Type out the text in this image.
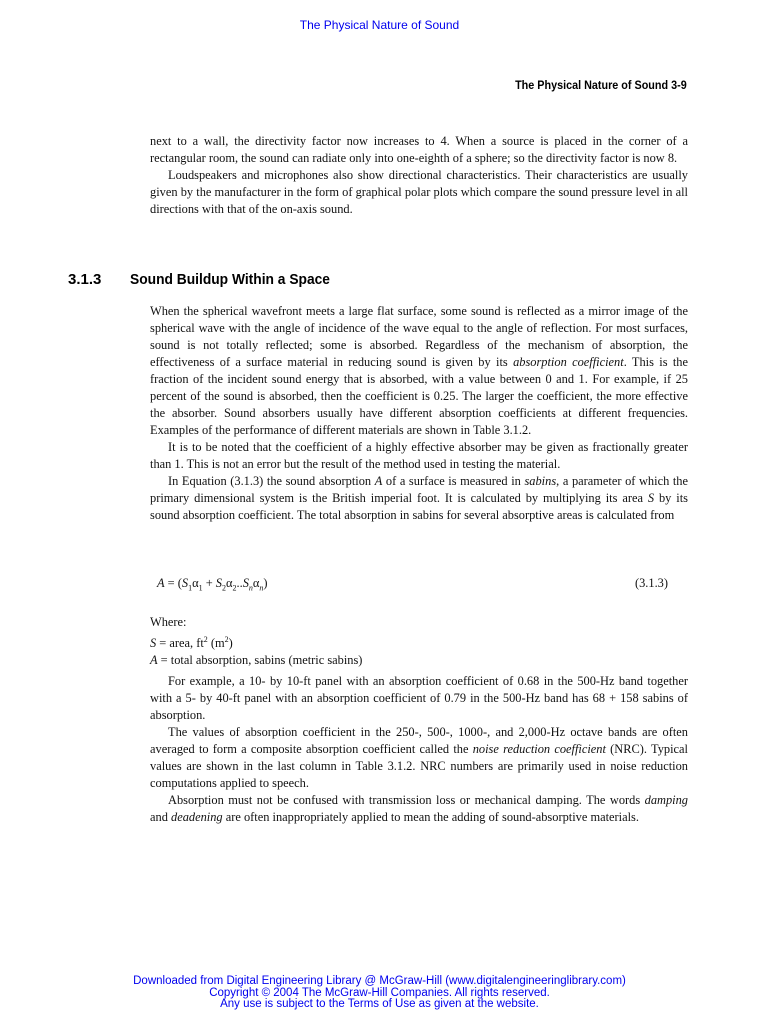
The Physical Nature of Sound
The Physical Nature of Sound 3-9

next to a wall, the directivity factor now increases to 4. When a source is placed in the corner of a rectangular room, the sound can radiate only into one-eighth of a sphere; so the directivity factor is now 8.

Loudspeakers and microphones also show directional characteristics. Their characteristics are usually given by the manufacturer in the form of graphical polar plots which compare the sound pressure level in all directions with that of the on-axis sound.

3.1.3 Sound Buildup Within a Space

When the spherical wavefront meets a large flat surface, some sound is reflected as a mirror image of the spherical wave with the angle of incidence of the wave equal to the angle of reflection. For most surfaces, sound is not totally reflected; some is absorbed. Regardless of the mechanism of absorption, the effectiveness of a surface material in reducing sound is given by its absorption coefficient. This is the fraction of the incident sound energy that is absorbed, with a value between 0 and 1. For example, if 25 percent of the sound is absorbed, then the coefficient is 0.25. The larger the coefficient, the more effective the absorber. Sound absorbers usually have different absorption coefficients at different frequencies. Examples of the performance of different materials are shown in Table 3.1.2.

It is to be noted that the coefficient of a highly effective absorber may be given as fractionally greater than 1. This is not an error but the result of the method used in testing the material.

In Equation (3.1.3) the sound absorption A of a surface is measured in sabins, a parameter of which the primary dimensional system is the British imperial foot. It is calculated by multiplying its area S by its sound absorption coefficient. The total absorption in sabins for several absorptive areas is calculated from

$A = (S_1\alpha_1 + S_2\alpha_2..S_n\alpha_n)$	(3.1.3)
Where:
S = area, $ft^2$ $(m^2)$
A = total absorption, sabins (metric sabins)

For example, a 10- by 10-ft panel with an absorption coefficient of 0.68 in the 500-Hz band together with a 5- by 40-ft panel with an absorption coefficient of 0.79 in the 500-Hz band has 68 + 158 sabins of absorption.

The values of absorption coefficient in the 250-, 500-, 1000-, and 2,000-Hz octave bands are often averaged to form a composite absorption coefficient called the noise reduction coefficient (NRC). Typical values are shown in the last column in Table 3.1.2. NRC numbers are primarily used in noise reduction computations applied to speech.

Absorption must not be confused with transmission loss or mechanical damping. The words damping and deadening are often inappropriately applied to mean the adding of sound-absorptive materials.

Downloaded from Digital Engineering Library @ McGraw-Hill (www.digitalengineeringlibrary.com)
Copyright © 2004 The McGraw-Hill Companies. All rights reserved.
Any use is subject to the Terms of Use as given at the website.
